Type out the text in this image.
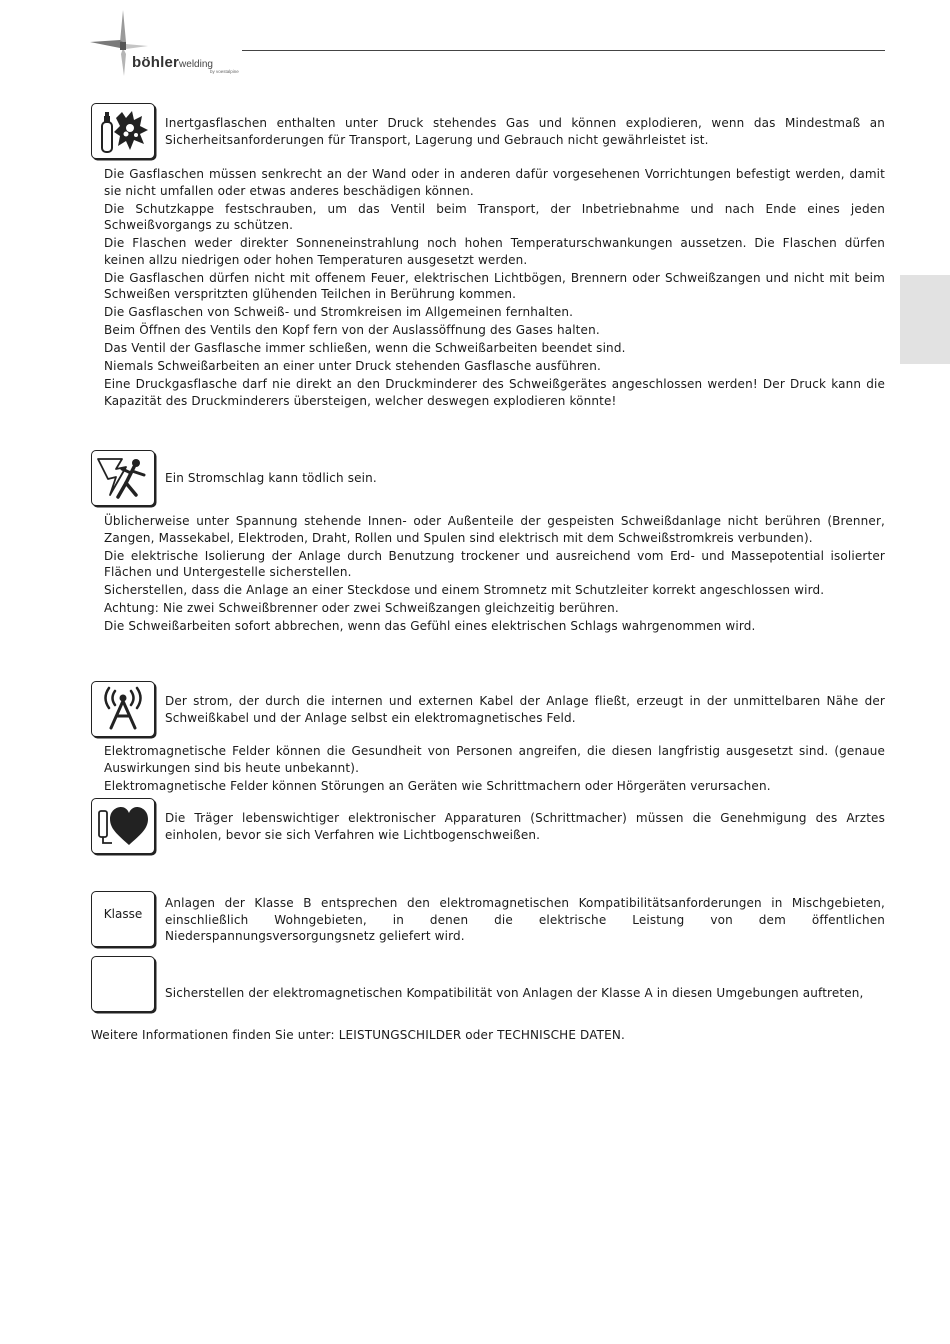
böhlerwelding
by voestalpine
Inertgasflaschen enthalten unter Druck stehendes Gas und können explodieren, wenn das Mindestmaß an Sicherheitsanforderungen für Transport, Lagerung und Gebrauch nicht gewährleistet ist.

Die Gasflaschen müssen senkrecht an der Wand oder in anderen dafür vorgesehenen Vorrichtungen befestigt werden, damit sie nicht umfallen oder etwas anderes beschädigen können.

Die Schutzkappe festschrauben, um das Ventil beim Transport, der Inbetriebnahme und nach Ende eines jeden Schweißvorgangs zu schützen.

Die Flaschen weder direkter Sonneneinstrahlung noch hohen Temperaturschwankungen aussetzen. Die Flaschen dürfen keinen allzu niedrigen oder hohen Temperaturen ausgesetzt werden.

Die Gasflaschen dürfen nicht mit offenem Feuer, elektrischen Lichtbögen, Brennern oder Schweißzangen und nicht mit beim Schweißen verspritzten glühenden Teilchen in Berührung kommen.

Die Gasflaschen von Schweiß- und Stromkreisen im Allgemeinen fernhalten.

Beim Öffnen des Ventils den Kopf fern von der Auslassöffnung des Gases halten.

Das Ventil der Gasflasche immer schließen, wenn die Schweißarbeiten beendet sind.

Niemals Schweißarbeiten an einer unter Druck stehenden Gasflasche ausführen.

Eine Druckgasflasche darf nie direkt an den Druckminderer des Schweißgerätes angeschlossen werden! Der Druck kann die Kapazität des Druckminderers übersteigen, welcher deswegen explodieren könnte!

Ein Stromschlag kann tödlich sein.

Üblicherweise unter Spannung stehende Innen- oder Außenteile der gespeisten Schweißdanlage nicht berühren (Brenner, Zangen, Massekabel, Elektroden, Draht, Rollen und Spulen sind elektrisch mit dem Schweißstromkreis verbunden).

Die elektrische Isolierung der Anlage durch Benutzung trockener und ausreichend vom Erd- und Massepotential isolierter Flächen und Untergestelle sicherstellen.

Sicherstellen, dass die Anlage an einer Steckdose und einem Stromnetz mit Schutzleiter korrekt angeschlossen wird.

Achtung: Nie zwei Schweißbrenner oder zwei Schweißzangen gleichzeitig berühren.

Die Schweißarbeiten sofort abbrechen, wenn das Gefühl eines elektrischen Schlags wahrgenommen wird.

Der strom, der durch die internen und externen Kabel der Anlage fließt, erzeugt in der unmittelbaren Nähe der Schweißkabel und der Anlage selbst ein elektromagnetisches Feld.

Elektromagnetische Felder können die Gesundheit von Personen angreifen, die diesen langfristig ausgesetzt sind. (genaue Auswirkungen sind bis heute unbekannt).

Elektromagnetische Felder können Störungen an Geräten wie Schrittmachern oder Hörgeräten verursachen.

Die Träger lebenswichtiger elektronischer Apparaturen (Schrittmacher) müssen die Genehmigung des Arztes einholen, bevor sie sich Verfahren wie Lichtbogenschweißen.
Klasse
Anlagen der Klasse B entsprechen den elektromagnetischen Kompatibilitätsanforderungen in Mischgebieten, einschließlich Wohngebieten, in denen die elektrische Leistung von dem öffentlichen Niederspannungsversorgungsnetz geliefert wird.
Sicherstellen der elektromagnetischen Kompatibilität von Anlagen der Klasse A in diesen Umgebungen auftreten,
Weitere Informationen finden Sie unter: LEISTUNGSCHILDER oder TECHNISCHE DATEN.
